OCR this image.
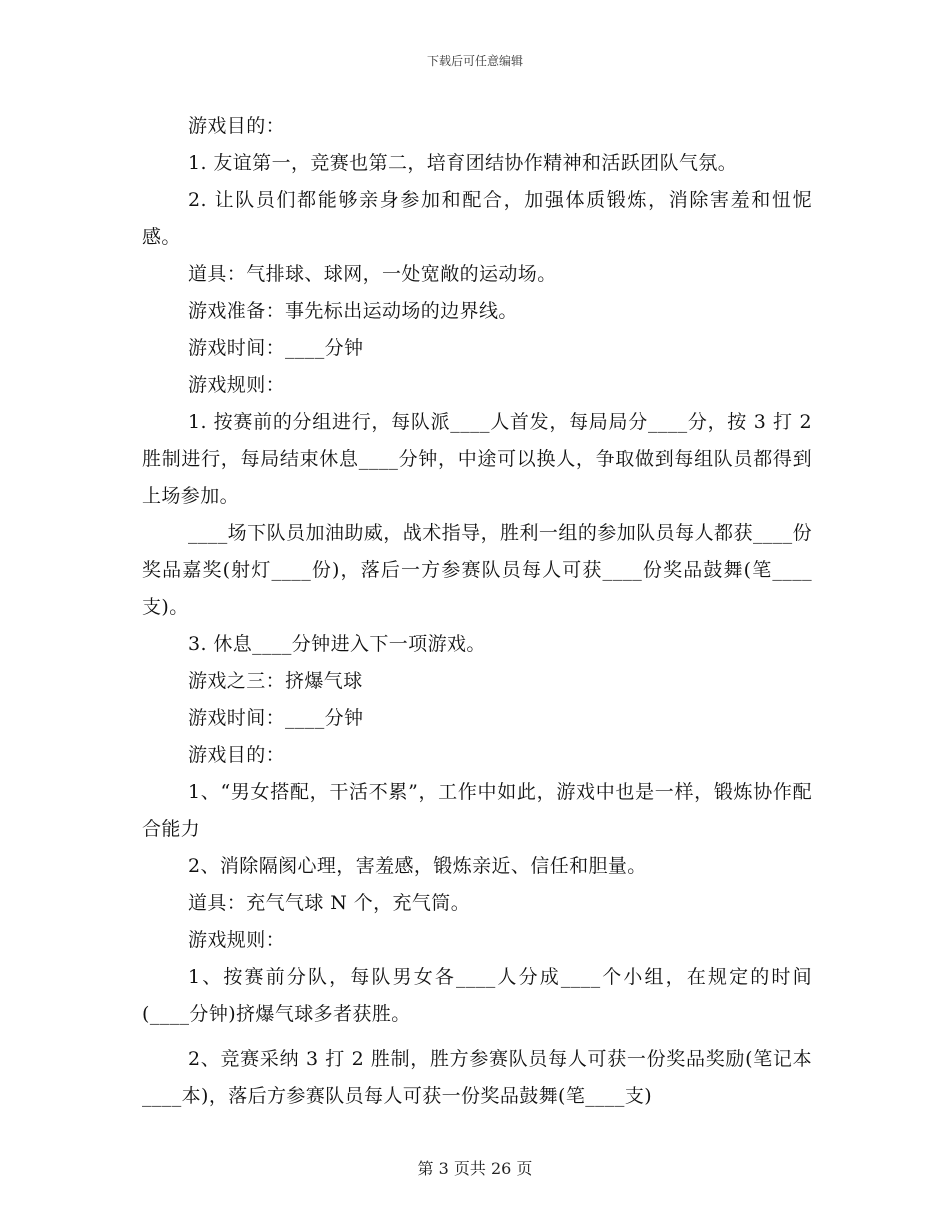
下载后可任意编辑

游戏目的：

1. 友谊第一，竞赛也第二，培育团结协作精神和活跃团队气氛。

2. 让队员们都能够亲身参加和配合，加强体质锻炼，消除害羞和忸怩感。

道具：气排球、球网，一处宽敞的运动场。

游戏准备：事先标出运动场的边界线。

游戏时间：____分钟

游戏规则：

1. 按赛前的分组进行，每队派____人首发，每局局分____分，按 3 打 2 胜制进行，每局结束休息____分钟，中途可以换人，争取做到每组队员都得到上场参加。

____场下队员加油助威，战术指导，胜利一组的参加队员每人都获____份奖品嘉奖(射灯____份)，落后一方参赛队员每人可获____份奖品鼓舞(笔____支)。

3. 休息____分钟进入下一项游戏。

游戏之三：挤爆气球

游戏时间：____分钟

游戏目的：

1、“男女搭配，干活不累”，工作中如此，游戏中也是一样，锻炼协作配合能力

2、消除隔阂心理，害羞感，锻炼亲近、信任和胆量。

道具：充气气球 N 个，充气筒。

游戏规则：

1、按赛前分队，每队男女各____人分成____个小组，在规定的时间(____分钟)挤爆气球多者获胜。

2、竞赛采纳 3 打 2 胜制，胜方参赛队员每人可获一份奖品奖励(笔记本____本)，落后方参赛队员每人可获一份奖品鼓舞(笔____支)

第 3 页共 26 页
